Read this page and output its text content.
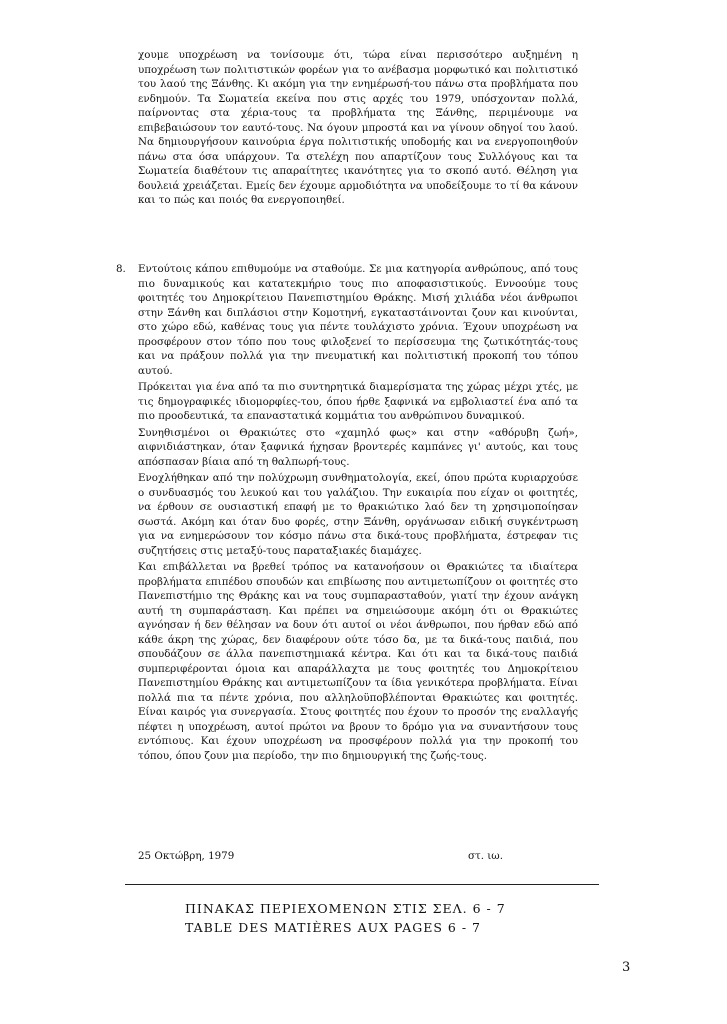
χουμε υποχρέωση να τονίσουμε ότι, τώρα είναι περισσότερο αυξημένη η υποχρέωση των πολιτιστικών φορέων για το ανέβασμα μορφωτικό και πολιτιστικό του λαού της Ξάνθης. Κι ακόμη για την ενημέρωσή-του πάνω στα προβλήματα που ενδημούν. Τα Σωματεία εκείνα που στις αρχές του 1979, υπόσχονταν πολλά, παίρνοντας στα χέρια-τους τα προβλήματα της Ξάνθης, περιμένουμε να επιβεβαιώσουν τον εαυτό-τους. Να όγουν μπροστά και να γίνουν οδηγοί του λαού. Να δημιουργήσουν καινούρια έργα πολιτιστικής υποδομής και να ενεργοποιηθούν πάνω στα όσα υπάρχουν. Τα στελέχη που απαρτίζουν τους Συλλόγους και τα Σωματεία διαθέτουν τις απαραίτητες ικανότητες για το σκοπό αυτό. Θέληση για δουλειά χρειάζεται. Εμείς δεν έχουμε αρμοδιότητα να υποδείξουμε το τί θα κάνουν και το πώς και ποιός θα ενεργοποιηθεί.

8. Εντούτοις κάπου επιθυμούμε να σταθούμε. Σε μια κατηγορία ανθρώπους, από τους πιο δυναμικούς και κατατεκμήριο τους πιο αποφασιστικούς. Εννοούμε τους φοιτητές του Δημοκρίτειου Πανεπιστημίου Θράκης. Μισή χιλιάδα νέοι άνθρωποι στην Ξάνθη και διπλάσιοι στην Κομοτηνή, εγκαταστάινονται ζουν και κινούνται, στο χώρο εδώ, καθένας τους για πέντε τουλάχιστο χρόνια. Έχουν υποχρέωση να προσφέρουν στον τόπο που τους φιλοξενεί το περίσσευμα της ζωτικότητάς-τους και να πράξουν πολλά για την πνευματική και πολιτιστική προκοπή του τόπου αυτού.

Πρόκειται για ένα από τα πιο συντηρητικά διαμερίσματα της χώρας μέχρι χτές, με τις δημογραφικές ιδιομορφίες-του, όπου ήρθε ξαφνικά να εμβολιαστεί ένα από τα πιο προοδευτικά, τα επαναστατικά κομμάτια του ανθρώπινου δυναμικού.

Συνηθισμένοι οι Θρακιώτες στο «χαμηλό φως» και στην «αθόρυβη ζωή», αιφνιδιάστηκαν, όταν ξαφνικά ήχησαν βροντερές καμπάνες γι' αυτούς, και τους απόσπασαν βίαια από τη θαλπωρή-τους.

Ενοχλήθηκαν από την πολύχρωμη συνθηματολογία, εκεί, όπου πρώτα κυριαρχούσε ο συνδυασμός του λευκού και του γαλάζιου. Την ευκαιρία που είχαν οι φοιτητές, να έρθουν σε ουσιαστική επαφή με το θρακιώτικο λαό δεν τη χρησιμοποίησαν σωστά. Ακόμη και όταν δυο φορές, στην Ξάνθη, οργάνωσαν ειδική συγκέντρωση για να ενημερώσουν τον κόσμο πάνω στα δικά-τους προβλήματα, έστρεφαν τις συζητήσεις στις μεταξύ-τους παραταξιακές διαμάχες.

Και επιβάλλεται να βρεθεί τρόπος να κατανοήσουν οι Θρακιώτες τα ιδιαίτερα προβλήματα επιπέδου σπουδών και επιβίωσης που αντιμετωπίζουν οι φοιτητές στο Πανεπιστήμιο της Θράκης και να τους συμπαρασταθούν, γιατί την έχουν ανάγκη αυτή τη συμπαράσταση. Και πρέπει να σημειώσουμε ακόμη ότι οι Θρακιώτες αγνόησαν ή δεν θέλησαν να δουν ότι αυτοί οι νέοι άνθρωποι, που ήρθαν εδώ από κάθε άκρη της χώρας, δεν διαφέρουν ούτε τόσο δα, με τα δικά-τους παιδιά, που σπουδάζουν σε άλλα πανεπιστημιακά κέντρα. Και ότι και τα δικά-τους παιδιά συμπεριφέρονται όμοια και απαράλλαχτα με τους φοιτητές του Δημοκρίτειου Πανεπιστημίου Θράκης και αντιμετωπίζουν τα ίδια γενικότερα προβλήματα. Είναι πολλά πια τα πέντε χρόνια, που αλληλοϋποβλέπονται Θρακιώτες και φοιτητές. Είναι καιρός για συνεργασία. Στους φοιτητές που έχουν το προσόν της εναλλαγής πέφτει η υποχρέωση, αυτοί πρώτοι να βρουν το δρόμο για να συναντήσουν τους εντόπιους. Και έχουν υποχρέωση να προσφέρουν πολλά για την προκοπή του τόπου, όπου ζουν μια περίοδο, την πιο δημιουργική της ζωής-τους.

25 Οκτώβρη, 1979	στ. ιω.
ΠΙΝΑΚΑΣ ΠΕΡΙΕΧΟΜΕΝΩΝ ΣΤΙΣ ΣΕΛ. 6 - 7
TABLE DES MATIÈRES AUX PAGES 6 - 7
3
